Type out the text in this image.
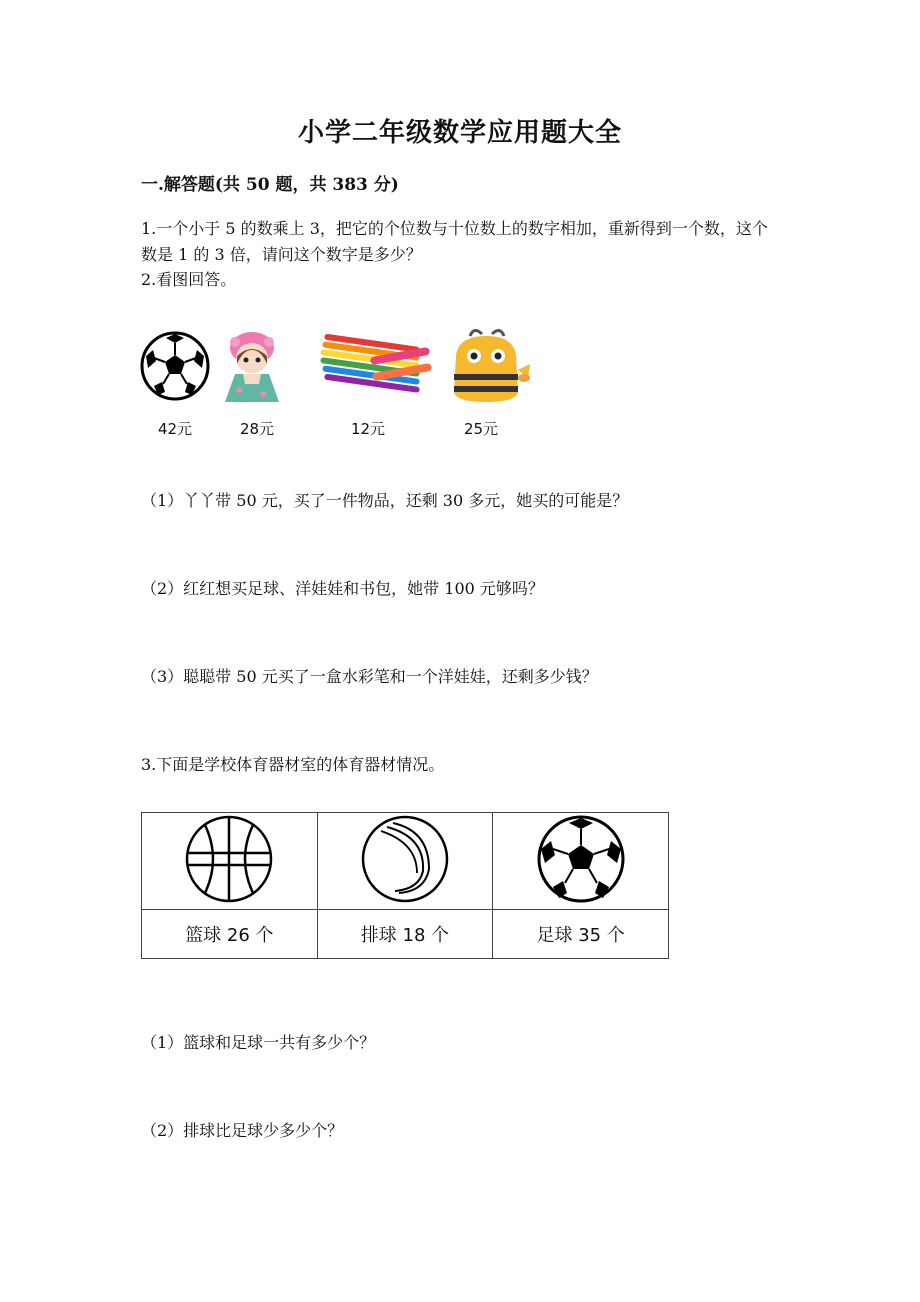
小学二年级数学应用题大全
一.解答题(共 50 题，共 383 分)
1.一个小于 5 的数乘上 3，把它的个位数与十位数上的数字相加，重新得到一个数，这个数是 1 的 3 倍，请问这个数字是多少？
2.看图回答。
42元	28元	12元	25元
（1）丫丫带 50 元，买了一件物品，还剩 30 多元，她买的可能是？
（2）红红想买足球、洋娃娃和书包，她带 100 元够吗？
（3）聪聪带 50 元买了一盒水彩笔和一个洋娃娃，还剩多少钱？
3.下面是学校体育器材室的体育器材情况。

篮球 26 个	排球 18 个	足球 35 个
（1）篮球和足球一共有多少个？
（2）排球比足球少多少个？
